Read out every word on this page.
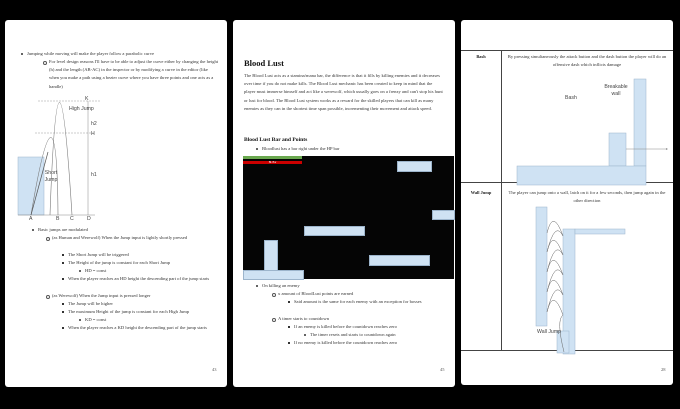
Jumping while moving will make the player follow a parabolic curve
For level design reasons I'll have to be able to adjust the curve either by changing the height (h) and the length (AB-AC) in the inspector or by modifying a curve in the editor (like when you make a path using a bezier curve where you have three points and one acts as a handle)
High Jump
K
h2
H
h1
Short Jump
A	B C	D
Basic jumps are modulated
(as Human and Werewolf) When the Jump input is lightly shortly pressed
The Short Jump will be triggered
The Height of the jump is constant for each Short Jump
HD = const
When the player reaches an HD height the descending part of the jump starts
(as Werewolf) When the Jump input is pressed longer
The Jump will be higher
The maximum Height of the jump is constant for each High Jump
KD = const
When the player reaches a KD height the descending part of the jump starts
43
Blood Lust
The Blood Lust acts as a stamina/mana bar, the difference is that it fills by killing enemies and it decreases over time if you do not make kills. The Blood Lust mechanic has been created to keep in mind that the player must immerse himself and act like a werewolf, which usually goes on a frenzy and can't stop his hunt or lust for blood. The Blood Lust system works as a reward for the skilled players that can kill as many enemies as they can in the shortest time span possible, incrementing their movement and attack speed.
Blood Lust Bar and Points
Bloodlust has a bar right under the HP bar
BL Bar
On killing an enemy
x amount of BloodLust points are earned
Said amount is the same for each enemy with an exception for bosses
A timer starts to countdown
If an enemy is killed before the countdown reaches zero
The timer resets and starts to countdown again
If no enemy is killed before the countdown reaches zero
45
Bash	By pressing simultaneously the attack button and the dash button the player will do an offensive dash which inflicts damage
Bash
Breakable wall
Wall Jump	The player can jump onto a wall, latch on it for a few seconds, then jump again in the other direction
Wall Jump
28
